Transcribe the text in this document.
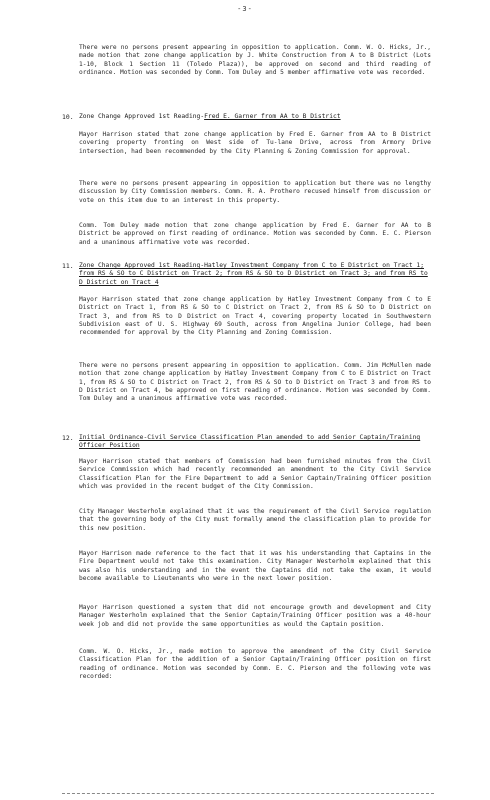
-3-
There were no persons present appearing in opposition to application. Comm. W. O. Hicks, Jr., made motion that zone change application by J. White Construction from A to B District (Lots 1-10, Block 1 Section 11 (Toledo Plaza)), be approved on second and third reading of ordinance. Motion was seconded by Comm. Tom Duley and 5 member affirmative vote was recorded.
10. Zone Change Approved 1st Reading-Fred E. Garner from AA to B District
Mayor Harrison stated that zone change application by Fred E. Garner from AA to B District covering property fronting on West side of Tu-lane Drive, across from Armory Drive intersection, had been recommended by the City Planning & Zoning Commission for approval.
There were no persons present appearing in opposition to application but there was no lengthy discussion by City Commission members. Comm. R. A. Prothero recused himself from discussion or vote on this item due to an interest in this property.
Comm. Tom Duley made motion that zone change application by Fred E. Garner for AA to B District be approved on first reading of ordinance. Motion was seconded by Comm. E. C. Pierson and a unanimous affirmative vote was recorded.
11. Zone Change Approved 1st Reading-Hatley Investment Company from C to E District on Tract 1; from RS & SO to C District on Tract 2; from RS & SO to D District on Tract 3; and from RS to D District on Tract 4
Mayor Harrison stated that zone change application by Hatley Investment Company from C to E District on Tract 1, from RS & SO to C District on Tract 2, from RS & SO to D District on Tract 3, and from RS to D District on Tract 4, covering property located in Southwestern Subdivision east of U. S. Highway 69 South, across from Angelina Junior College, had been recommended for approval by the City Planning and Zoning Commission.
There were no persons present appearing in opposition to application. Comm. Jim McMullen made motion that zone change application by Hatley Investment Company from C to E District on Tract 1, from RS & SO to C District on Tract 2, from RS & SO to D District on Tract 3 and from RS to D District on Tract 4, be approved on first reading of ordinance. Motion was seconded by Comm. Tom Duley and a unanimous affirmative vote was recorded.
12. Initial Ordinance-Civil Service Classification Plan amended to add Senior Captain/Training Officer Position
Mayor Harrison stated that members of Commission had been furnished minutes from the Civil Service Commission which had recently recommended an amendment to the City Civil Service Classification Plan for the Fire Department to add a Senior Captain/Training Officer position which was provided in the recent budget of the City Commission.
City Manager Westerholm explained that it was the requirement of the Civil Service regulation that the governing body of the City must formally amend the classification plan to provide for this new position.
Mayor Harrison made reference to the fact that it was his understanding that Captains in the Fire Department would not take this examination. City Manager Westerholm explained that this was also his understanding and in the event the Captains did not take the exam, it would become available to Lieutenants who were in the next lower position.
Mayor Harrison questioned a system that did not encourage growth and development and City Manager Westerholm explained that the Senior Captain/Training Officer position was a 40-hour week job and did not provide the same opportunities as would the Captain position.
Comm. W. O. Hicks, Jr., made motion to approve the amendment of the City Civil Service Classification Plan for the addition of a Senior Captain/Training Officer position on first reading of ordinance. Motion was seconded by Comm. E. C. Pierson and the following vote was recorded:
